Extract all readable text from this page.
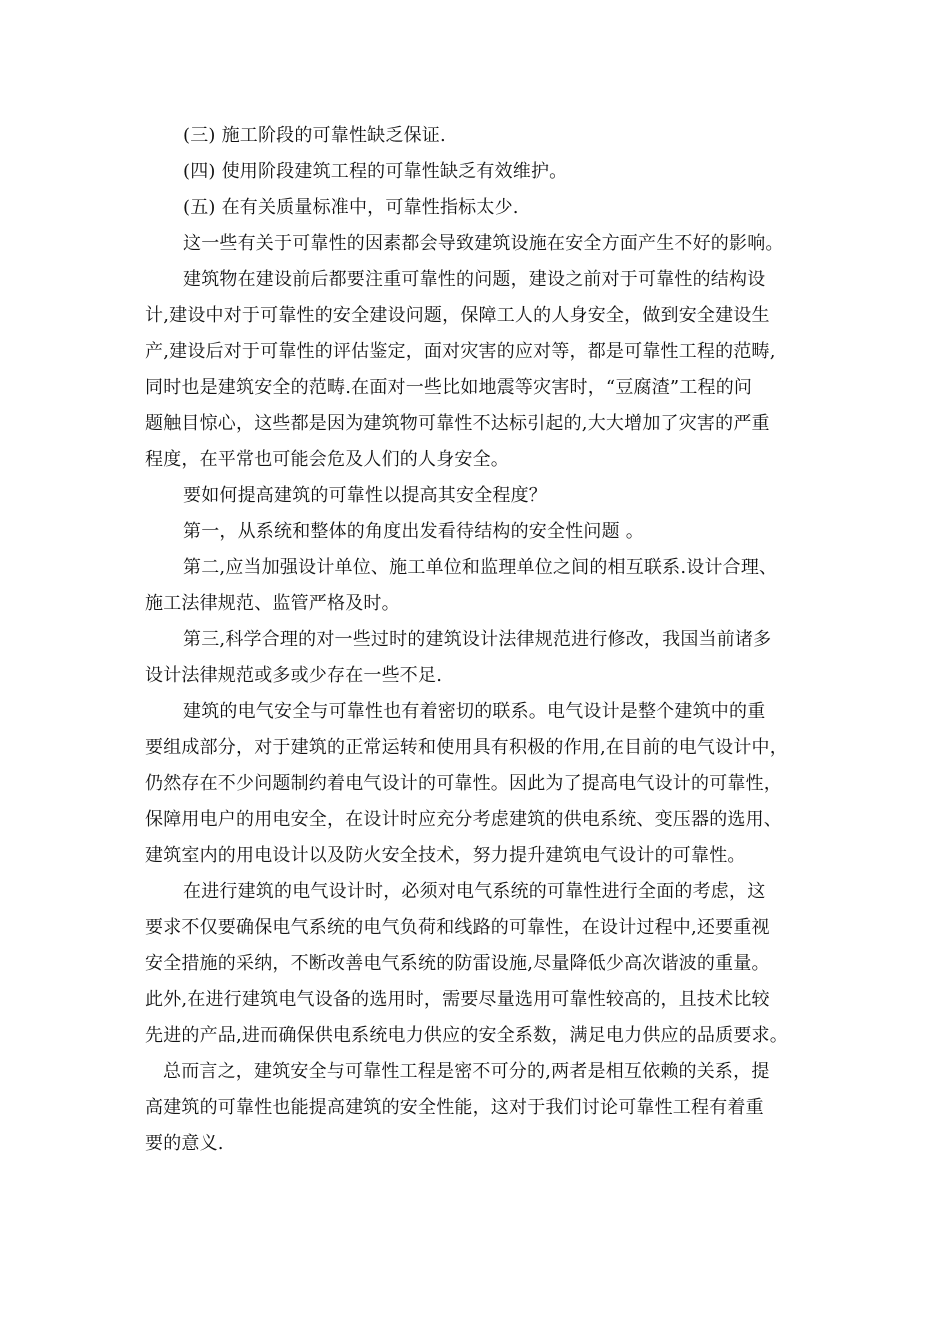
(三) 施工阶段的可靠性缺乏保证.
(四) 使用阶段建筑工程的可靠性缺乏有效维护。
(五) 在有关质量标准中，可靠性指标太少.
这一些有关于可靠性的因素都会导致建筑设施在安全方面产生不好的影响。
建筑物在建设前后都要注重可靠性的问题，建设之前对于可靠性的结构设
计,建设中对于可靠性的安全建设问题，保障工人的人身安全，做到安全建设生
产,建设后对于可靠性的评估鉴定，面对灾害的应对等，都是可靠性工程的范畴,
同时也是建筑安全的范畴.在面对一些比如地震等灾害时，“豆腐渣”工程的问
题触目惊心，这些都是因为建筑物可靠性不达标引起的,大大增加了灾害的严重
程度，在平常也可能会危及人们的人身安全。
要如何提高建筑的可靠性以提高其安全程度？
第一，从系统和整体的角度出发看待结构的安全性问题 。
第二,应当加强设计单位、施工单位和监理单位之间的相互联系.设计合理、
施工法律规范、监管严格及时。
第三,科学合理的对一些过时的建筑设计法律规范进行修改，我国当前诸多
设计法律规范或多或少存在一些不足.
建筑的电气安全与可靠性也有着密切的联系。电气设计是整个建筑中的重
要组成部分，对于建筑的正常运转和使用具有积极的作用,在目前的电气设计中，
仍然存在不少问题制约着电气设计的可靠性。因此为了提高电气设计的可靠性，
保障用电户的用电安全，在设计时应充分考虑建筑的供电系统、变压器的选用、
建筑室内的用电设计以及防火安全技术，努力提升建筑电气设计的可靠性。
在进行建筑的电气设计时，必须对电气系统的可靠性进行全面的考虑，这
要求不仅要确保电气系统的电气负荷和线路的可靠性，在设计过程中,还要重视
安全措施的采纳，不断改善电气系统的防雷设施,尽量降低少高次谐波的重量。
此外,在进行建筑电气设备的选用时，需要尽量选用可靠性较高的，且技术比较
先进的产品,进而确保供电系统电力供应的安全系数，满足电力供应的品质要求。
总而言之，建筑安全与可靠性工程是密不可分的,两者是相互依赖的关系，提
高建筑的可靠性也能提高建筑的安全性能，这对于我们讨论可靠性工程有着重
要的意义.
